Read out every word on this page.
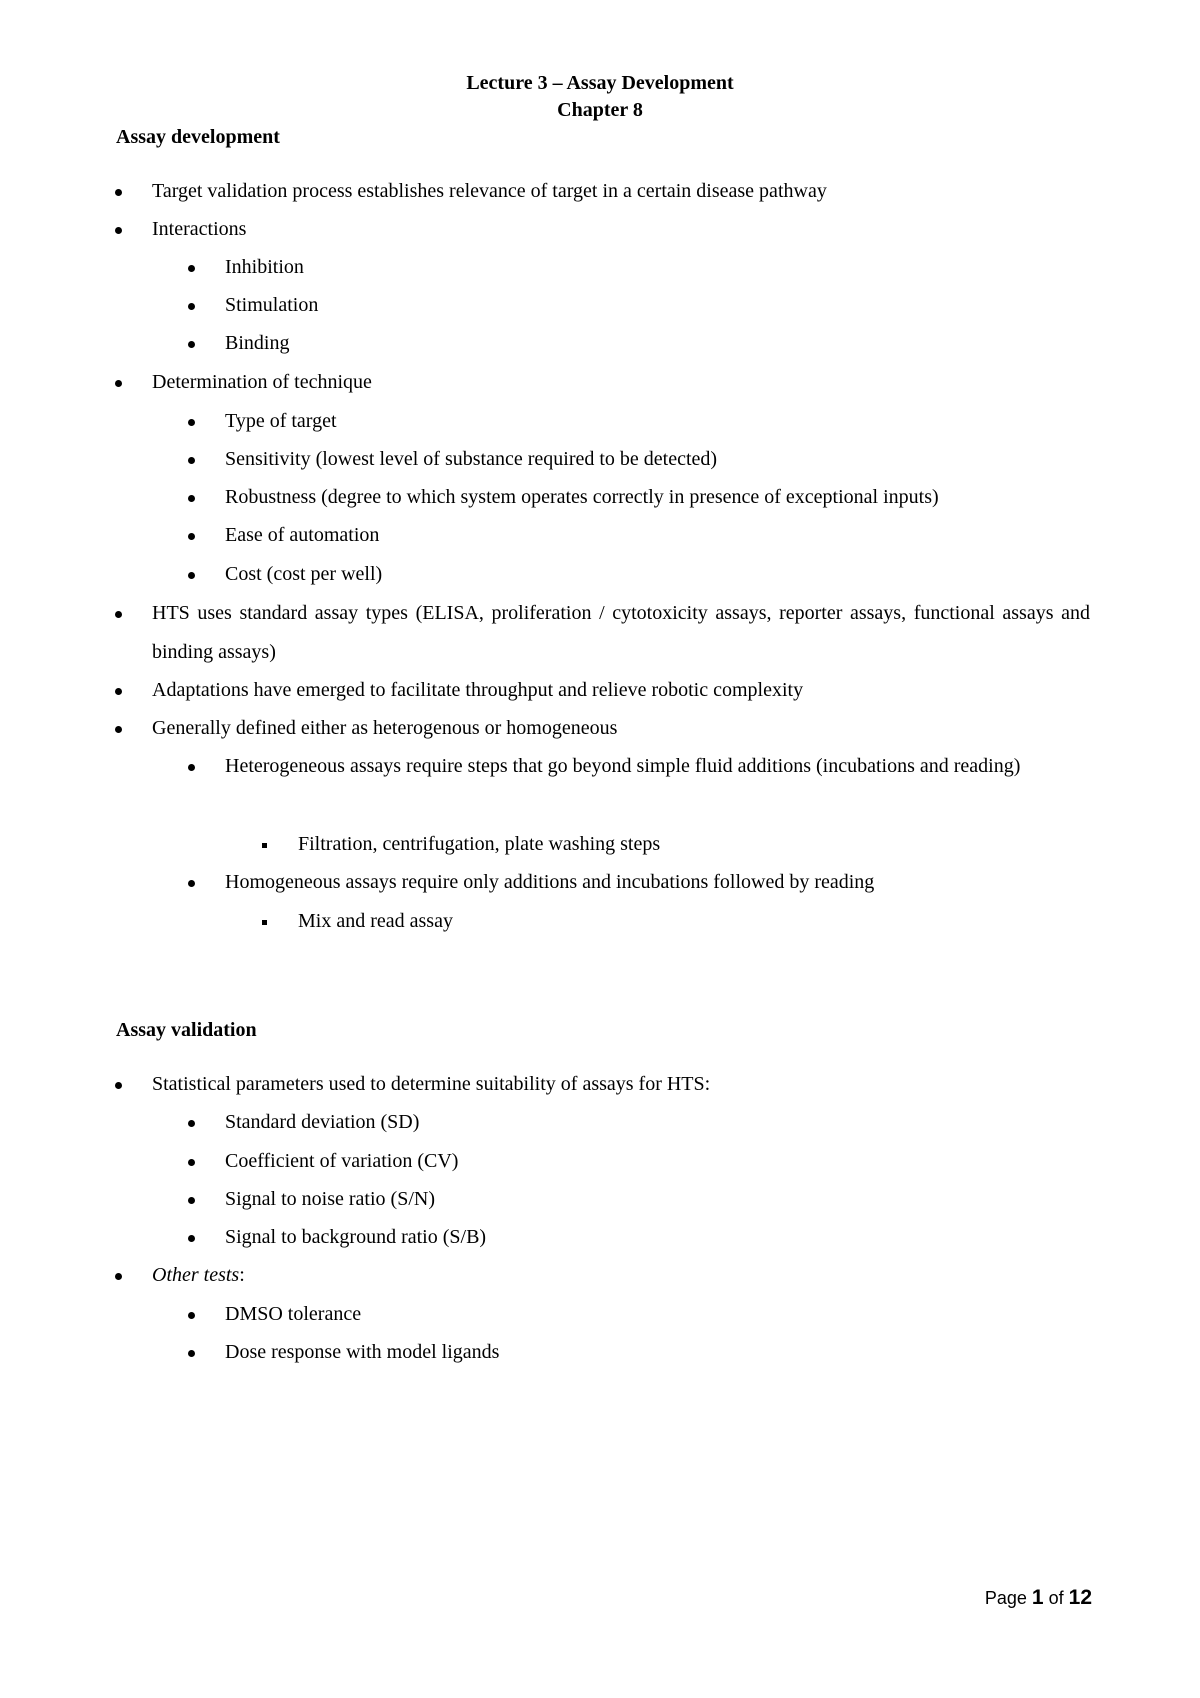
Lecture 3 – Assay Development
Chapter 8
Assay development
Target validation process establishes relevance of target in a certain disease pathway
Interactions
Inhibition
Stimulation
Binding
Determination of technique
Type of target
Sensitivity (lowest level of substance required to be detected)
Robustness (degree to which system operates correctly in presence of exceptional inputs)
Ease of automation
Cost (cost per well)
HTS uses standard assay types (ELISA, proliferation / cytotoxicity assays, reporter assays, functional assays and binding assays)
Adaptations have emerged to facilitate throughput and relieve robotic complexity
Generally defined either as heterogenous or homogeneous
Heterogeneous assays require steps that go beyond simple fluid additions (incubations and reading)
Filtration, centrifugation, plate washing steps
Homogeneous assays require only additions and incubations followed by reading
Mix and read assay
Assay validation
Statistical parameters used to determine suitability of assays for HTS:
Standard deviation (SD)
Coefficient of variation (CV)
Signal to noise ratio (S/N)
Signal to background ratio (S/B)
Other tests:
DMSO tolerance
Dose response with model ligands
Page 1 of 12
